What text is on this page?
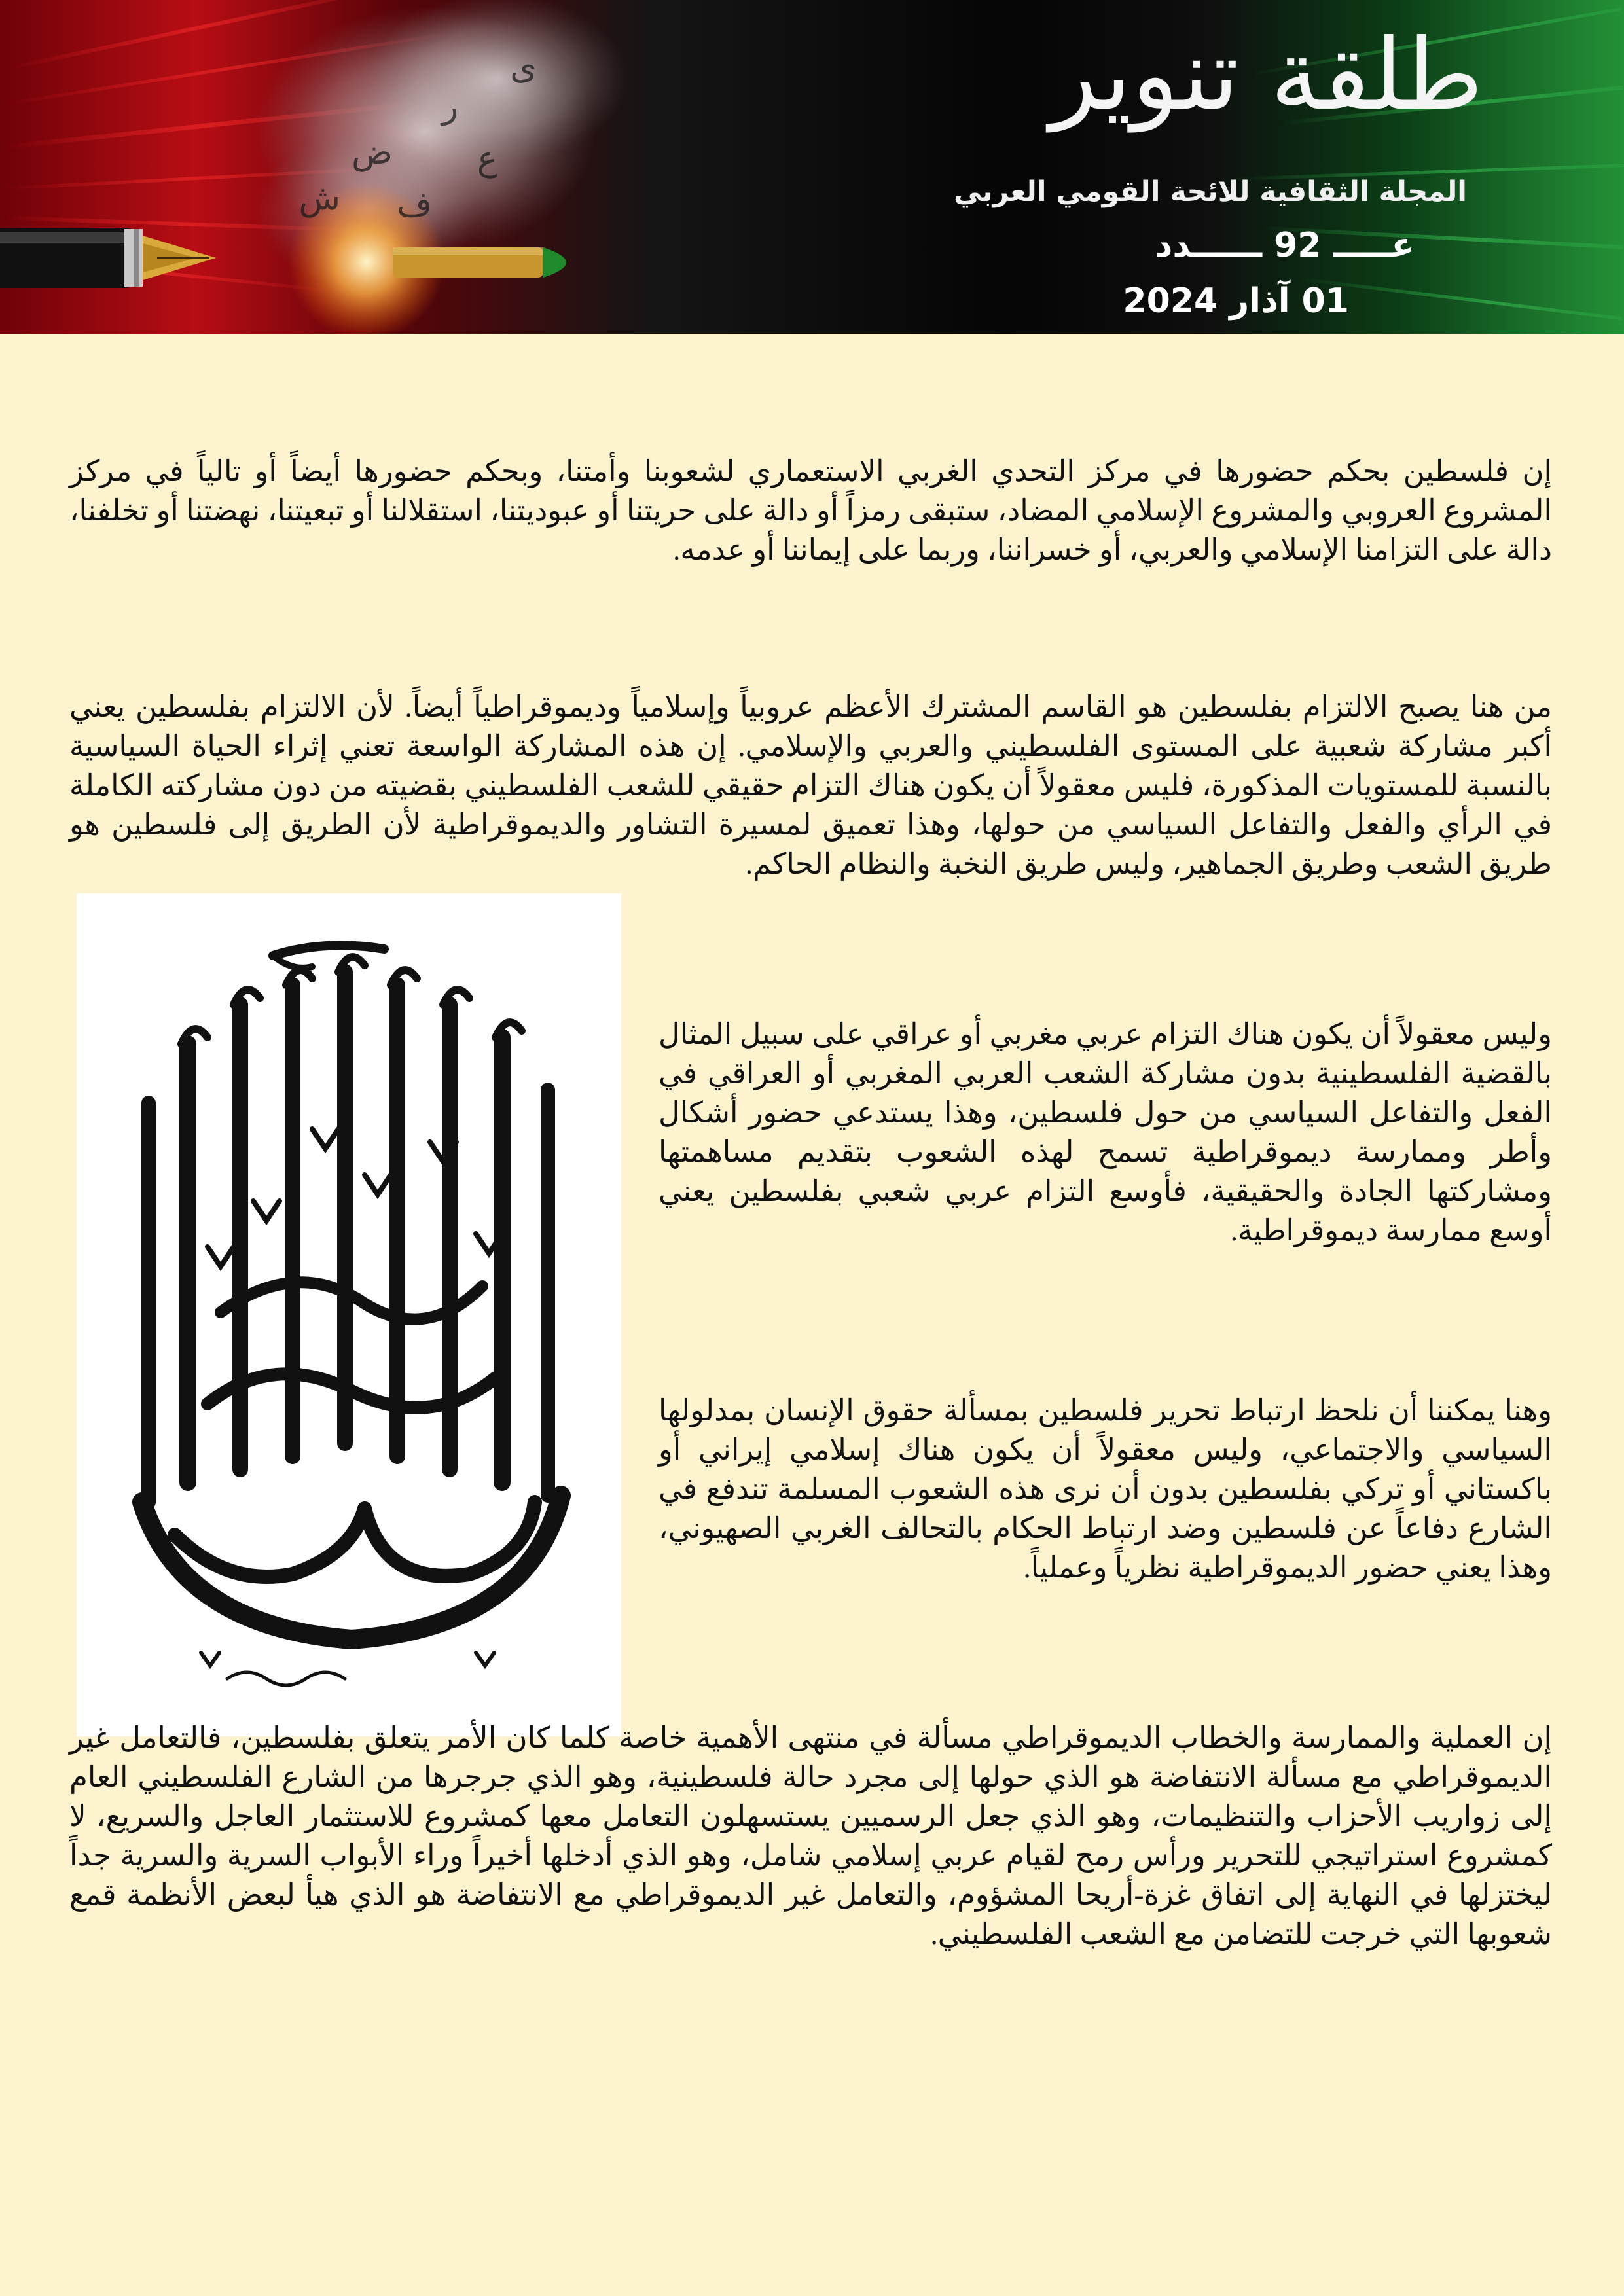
ى
ر
ض
ش
ع
ف
طلقة تنوير
المجلة الثقافية للائحة القومي العربي
عـــــ 92 ــــــدد
01 آذار 2024

إن فلسطين بحكم حضورها في مركز التحدي الغربي الاستعماري لشعوبنا وأمتنا، وبحكم حضورها أيضاً أو تالياً في مركز المشروع العروبي والمشروع الإسلامي المضاد، ستبقى رمزاً أو دالة على حريتنا أو عبوديتنا، استقلالنا أو تبعيتنا، نهضتنا أو تخلفنا، دالة على التزامنا الإسلامي والعربي، أو خسراننا، وربما على إيماننا أو عدمه.

من هنا يصبح الالتزام بفلسطين هو القاسم المشترك الأعظم عروبياً وإسلامياً وديموقراطياً أيضاً. لأن الالتزام بفلسطين يعني أكبر مشاركة شعبية على المستوى الفلسطيني والعربي والإسلامي. إن هذه المشاركة الواسعة تعني إثراء الحياة السياسية بالنسبة للمستويات المذكورة، فليس معقولاً أن يكون هناك التزام حقيقي للشعب الفلسطيني بقضيته من دون مشاركته الكاملة في الرأي والفعل والتفاعل السياسي من حولها، وهذا تعميق لمسيرة التشاور والديموقراطية لأن الطريق إلى فلسطين هو طريق الشعب وطريق الجماهير، وليس طريق النخبة والنظام الحاكم.

وليس معقولاً أن يكون هناك التزام عربي مغربي أو عراقي على سبيل المثال بالقضية الفلسطينية بدون مشاركة الشعب العربي المغربي أو العراقي في الفعل والتفاعل السياسي من حول فلسطين، وهذا يستدعي حضور أشكال وأطر وممارسة ديموقراطية تسمح لهذه الشعوب بتقديم مساهمتها ومشاركتها الجادة والحقيقية، فأوسع التزام عربي شعبي بفلسطين يعني أوسع ممارسة ديموقراطية.

وهنا يمكننا أن نلحظ ارتباط تحرير فلسطين بمسألة حقوق الإنسان بمدلولها السياسي والاجتماعي، وليس معقولاً أن يكون هناك إسلامي إيراني أو باكستاني أو تركي بفلسطين بدون أن نرى هذه الشعوب المسلمة تندفع في الشارع دفاعاً عن فلسطين وضد ارتباط الحكام بالتحالف الغربي الصهيوني، وهذا يعني حضور الديموقراطية نظرياً وعملياً.

إن العملية والممارسة والخطاب الديموقراطي مسألة في منتهى الأهمية خاصة كلما كان الأمر يتعلق بفلسطين، فالتعامل غير الديموقراطي مع مسألة الانتفاضة هو الذي حولها إلى مجرد حالة فلسطينية، وهو الذي جرجرها من الشارع الفلسطيني العام إلى زواريب الأحزاب والتنظيمات، وهو الذي جعل الرسميين يستسهلون التعامل معها كمشروع للاستثمار العاجل والسريع، لا كمشروع استراتيجي للتحرير ورأس رمح لقيام عربي إسلامي شامل، وهو الذي أدخلها أخيراً وراء الأبواب السرية والسرية جداً ليختزلها في النهاية إلى اتفاق غزة-أريحا المشؤوم، والتعامل غير الديموقراطي مع الانتفاضة هو الذي هيأ لبعض الأنظمة قمع شعوبها التي خرجت للتضامن مع الشعب الفلسطيني.
